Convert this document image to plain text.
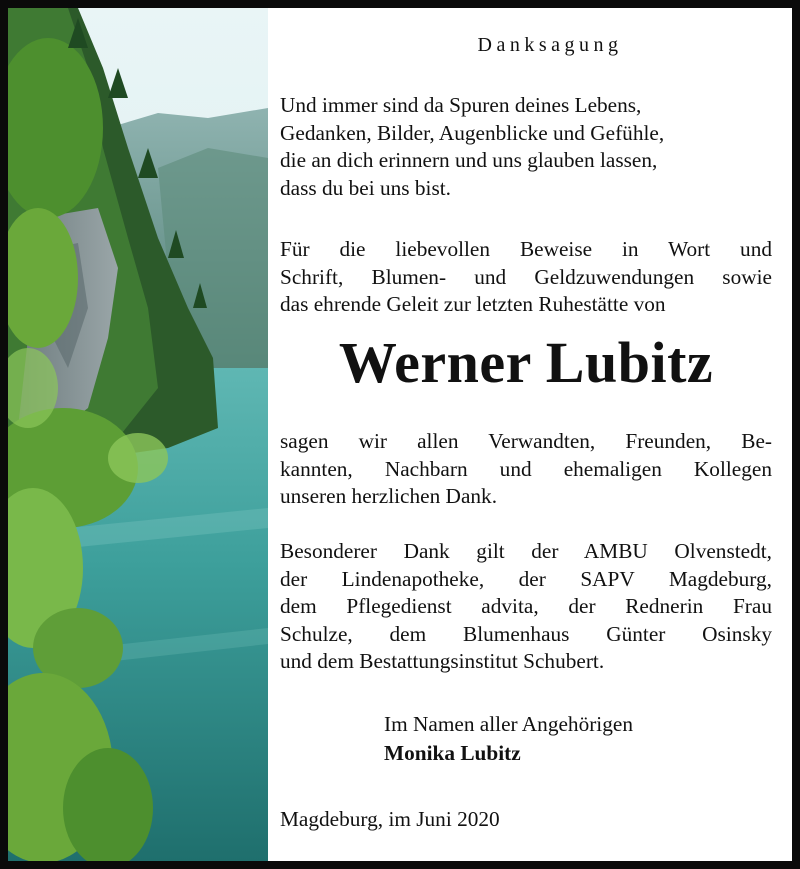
Danksagung
Und immer sind da Spuren deines Lebens,
Gedanken, Bilder, Augenblicke und Gefühle,
die an dich erinnern und uns glauben lassen,
dass du bei uns bist.
Für die liebevollen Beweise in Wort und
Schrift, Blumen- und Geldzuwendungen sowie
das ehrende Geleit zur letzten Ruhestätte von
Werner Lubitz
sagen wir allen Verwandten, Freunden, Be-
kannten, Nachbarn und ehemaligen Kollegen
unseren herzlichen Dank.
Besonderer Dank gilt der AMBU Olvenstedt,
der Lindenapotheke, der SAPV Magdeburg,
dem Pflegedienst advita, der Rednerin Frau
Schulze, dem Blumenhaus Günter Osinsky
und dem Bestattungsinstitut Schubert.
Im Namen aller Angehörigen
Monika Lubitz
Magdeburg, im Juni 2020
